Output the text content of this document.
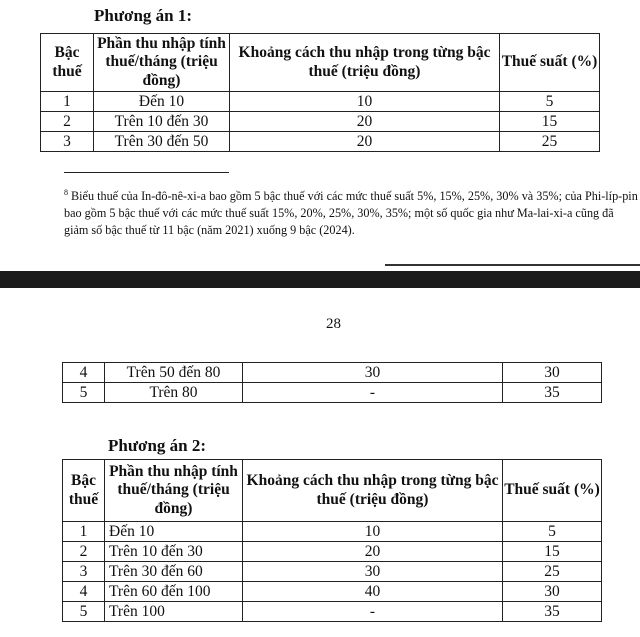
Phương án 1:
Bậc thuế	Phần thu nhập tính thuế/tháng (triệu đồng)	Khoảng cách thu nhập trong từng bậc thuế (triệu đồng)	Thuế suất (%)
1	Đến 10	10	5
2	Trên 10 đến 30	20	15
3	Trên 30 đến 50	20	25
$^8$ Biểu thuế của In-đô-nê-xi-a bao gồm 5 bậc thuế với các mức thuế suất 5%, 15%, 25%, 30% và 35%; của Phi-líp-pin bao gồm 5 bậc thuế với các mức thuế suất 15%, 20%, 25%, 30%, 35%; một số quốc gia như Ma-lai-xi-a cũng đã giảm số bậc thuế từ 11 bậc (năm 2021) xuống 9 bậc (2024).
28
4	Trên 50 đến 80	30	30
5	Trên 80	-	35
Phương án 2:
Bậc thuế	Phần thu nhập tính thuế/tháng (triệu đồng)	Khoảng cách thu nhập trong từng bậc thuế (triệu đồng)	Thuế suất (%)
1	Đến 10	10	5
2	Trên 10 đến 30	20	15
3	Trên 30 đến 60	30	25
4	Trên 60 đến 100	40	30
5	Trên 100	-	35
